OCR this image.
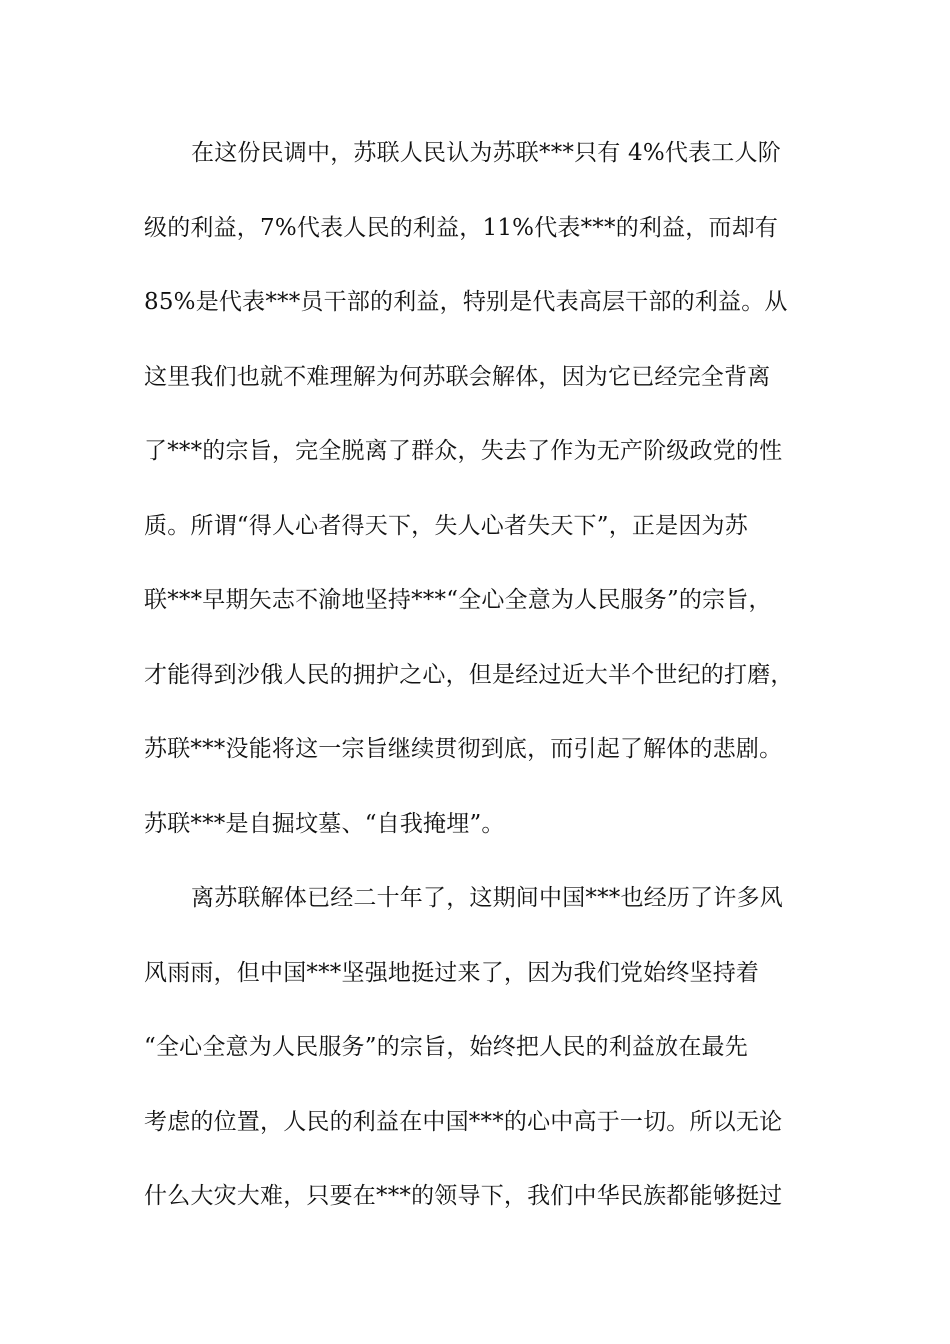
在这份民调中，苏联人民认为苏联***只有 4%代表工人阶
级的利益，7%代表人民的利益，11%代表***的利益，而却有
85%是代表***员干部的利益，特别是代表高层干部的利益。从
这里我们也就不难理解为何苏联会解体，因为它已经完全背离
了***的宗旨，完全脱离了群众，失去了作为无产阶级政党的性
质。所谓“得人心者得天下，失人心者失天下”，正是因为苏
联***早期矢志不渝地坚持***“全心全意为人民服务”的宗旨，
才能得到沙俄人民的拥护之心，但是经过近大半个世纪的打磨，
苏联***没能将这一宗旨继续贯彻到底，而引起了解体的悲剧。
苏联***是自掘坟墓、“自我掩埋”。
离苏联解体已经二十年了，这期间中国***也经历了许多风
风雨雨，但中国***坚强地挺过来了，因为我们党始终坚持着
“全心全意为人民服务”的宗旨，始终把人民的利益放在最先
考虑的位置，人民的利益在中国***的心中高于一切。所以无论
什么大灾大难，只要在***的领导下，我们中华民族都能够挺过
